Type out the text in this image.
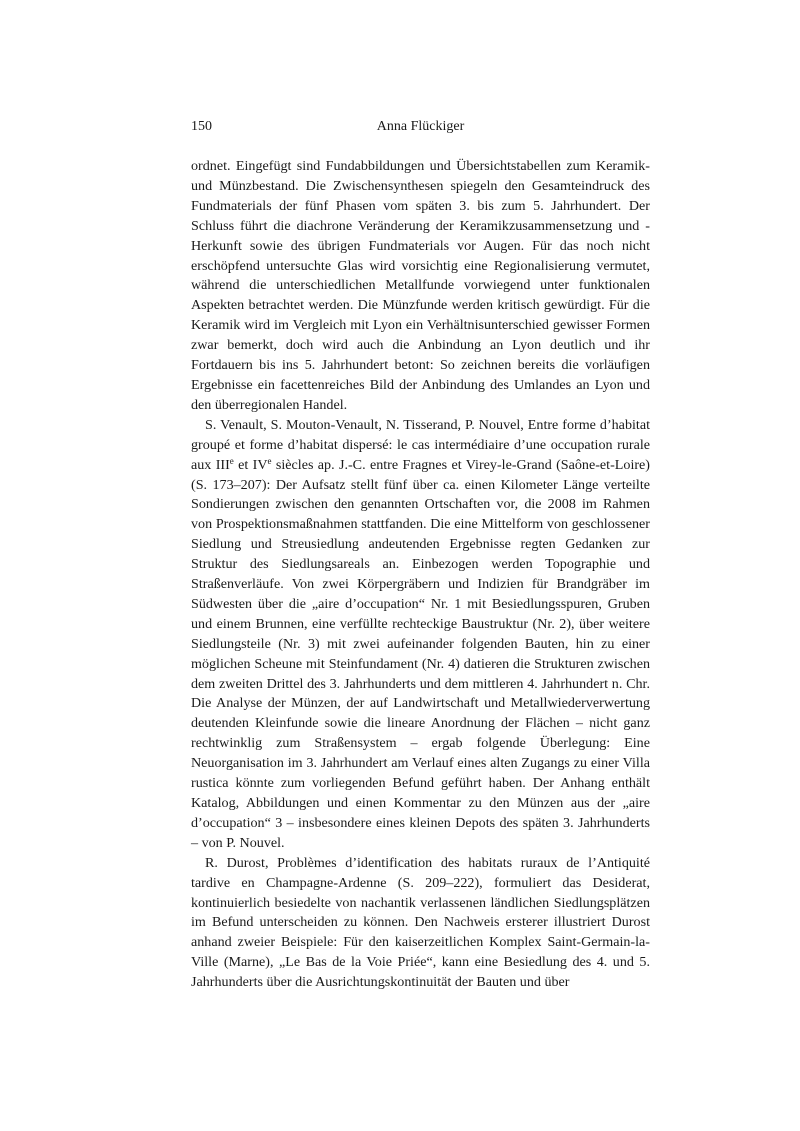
150	Anna Flückiger

ordnet. Eingefügt sind Fundabbildungen und Übersichtstabellen zum Keramik- und Münzbestand. Die Zwischensynthesen spiegeln den Gesamteindruck des Fundmaterials der fünf Phasen vom späten 3. bis zum 5. Jahrhundert. Der Schluss führt die diachrone Veränderung der Keramikzusammensetzung und -Herkunft sowie des übrigen Fundmaterials vor Augen. Für das noch nicht erschöpfend untersuchte Glas wird vorsichtig eine Regionalisierung vermutet, während die unterschiedlichen Metallfunde vorwiegend unter funktionalen Aspekten betrachtet werden. Die Münzfunde werden kritisch gewürdigt. Für die Keramik wird im Vergleich mit Lyon ein Verhältnisunterschied gewisser Formen zwar bemerkt, doch wird auch die Anbindung an Lyon deutlich und ihr Fortdauern bis ins 5. Jahrhundert betont: So zeichnen bereits die vorläufigen Ergebnisse ein facettenreiches Bild der Anbindung des Umlandes an Lyon und den überregionalen Handel.

S. Venault, S. Mouton-Venault, N. Tisserand, P. Nouvel, Entre forme d’habitat groupé et forme d’habitat dispersé: le cas intermédiaire d’une occupation rurale aux IIIe et IVe siècles ap. J.-C. entre Fragnes et Virey-le-Grand (Saône-et-Loire) (S. 173–207): Der Aufsatz stellt fünf über ca. einen Kilometer Länge verteilte Sondierungen zwischen den genannten Ortschaften vor, die 2008 im Rahmen von Prospektionsmaßnahmen stattfanden. Die eine Mittelform von geschlossener Siedlung und Streusiedlung andeutenden Ergebnisse regten Gedanken zur Struktur des Siedlungsareals an. Einbezogen werden Topographie und Straßenverläufe. Von zwei Körpergräbern und Indizien für Brandgräber im Südwesten über die „aire d’occupation“ Nr. 1 mit Besiedlungsspuren, Gruben und einem Brunnen, eine verfüllte rechteckige Baustruktur (Nr. 2), über weitere Siedlungsteile (Nr. 3) mit zwei aufeinander folgenden Bauten, hin zu einer möglichen Scheune mit Steinfundament (Nr. 4) datieren die Strukturen zwischen dem zweiten Drittel des 3. Jahrhunderts und dem mittleren 4. Jahrhundert n. Chr. Die Analyse der Münzen, der auf Landwirtschaft und Metallwiederverwertung deutenden Kleinfunde sowie die lineare Anordnung der Flächen – nicht ganz rechtwinklig zum Straßensystem – ergab folgende Überlegung: Eine Neuorganisation im 3. Jahrhundert am Verlauf eines alten Zugangs zu einer Villa rustica könnte zum vorliegenden Befund geführt haben. Der Anhang enthält Katalog, Abbildungen und einen Kommentar zu den Münzen aus der „aire d’occupation“ 3 – insbesondere eines kleinen Depots des späten 3. Jahrhunderts – von P. Nouvel.

R. Durost, Problèmes d’identification des habitats ruraux de l’Antiquité tardive en Champagne-Ardenne (S. 209–222), formuliert das Desiderat, kontinuierlich besiedelte von nachantik verlassenen ländlichen Siedlungsplätzen im Befund unterscheiden zu können. Den Nachweis ersterer illustriert Durost anhand zweier Beispiele: Für den kaiserzeitlichen Komplex Saint-Germain-la-Ville (Marne), „Le Bas de la Voie Priée“, kann eine Besiedlung des 4. und 5. Jahrhunderts über die Ausrichtungskontinuität der Bauten und über
